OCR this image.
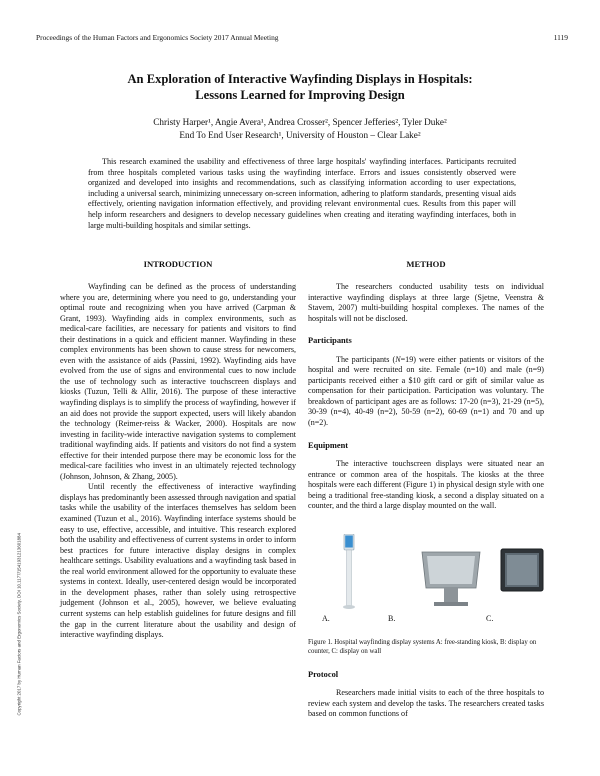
Proceedings of the Human Factors and Ergonomics Society 2017 Annual Meeting	1119
An Exploration of Interactive Wayfinding Displays in Hospitals:
Lessons Learned for Improving Design
Christy Harper¹, Angie Avera¹, Andrea Crosser², Spencer Jefferies², Tyler Duke²
End To End User Research¹, University of Houston – Clear Lake²

This research examined the usability and effectiveness of three large hospitals' wayfinding interfaces. Participants recruited from three hospitals completed various tasks using the wayfinding interface. Errors and issues consistently observed were organized and developed into insights and recommendations, such as classifying information according to user expectations, including a universal search, minimizing unnecessary on-screen information, adhering to platform standards, presenting visual aids effectively, orienting navigation information effectively, and providing relevant environmental cues. Results from this paper will help inform researchers and designers to develop necessary guidelines when creating and iterating wayfinding interfaces, both in large multi-building hospitals and similar settings.

Copyright 2017 by Human Factors and Ergonomics Society. DOI 10.1177/1541931213601884
INTRODUCTION

Wayfinding can be defined as the process of understanding where you are, determining where you need to go, understanding your optimal route and recognizing when you have arrived (Carpman & Grant, 1993). Wayfinding aids in complex environments, such as medical-care facilities, are necessary for patients and visitors to find their destinations in a quick and efficient manner. Wayfinding in these complex environments has been shown to cause stress for newcomers, even with the assistance of aids (Passini, 1992). Wayfinding aids have evolved from the use of signs and environmental cues to now include the use of technology such as interactive touchscreen displays and kiosks (Tuzun, Telli & Allir, 2016). The purpose of these interactive wayfinding displays is to simplify the process of wayfinding, however if an aid does not provide the support expected, users will likely abandon the technology (Reimer-reiss & Wacker, 2000). Hospitals are now investing in facility-wide interactive navigation systems to complement traditional wayfinding aids. If patients and visitors do not find a system effective for their intended purpose there may be economic loss for the medical-care facilities who invest in an ultimately rejected technology (Johnson, Johnson, & Zhang, 2005).

Until recently the effectiveness of interactive wayfinding displays has predominantly been assessed through navigation and spatial tasks while the usability of the interfaces themselves has seldom been examined (Tuzun et al., 2016). Wayfinding interface systems should be easy to use, effective, accessible, and intuitive. This research explored both the usability and effectiveness of current systems in order to inform best practices for future interactive display designs in complex healthcare settings. Usability evaluations and a wayfinding task based in the real world environment allowed for the opportunity to evaluate these systems in context. Ideally, user-centered design would be incorporated in the development phases, rather than solely using retrospective judgement (Johnson et al., 2005), however, we believe evaluating current systems can help establish guidelines for future designs and fill the gap in the current literature about the usability and design of interactive wayfinding displays.

METHOD

The researchers conducted usability tests on individual interactive wayfinding displays at three large (Sjetne, Veenstra & Stavem, 2007) multi-building hospital complexes. The names of the hospitals will not be disclosed.

Participants

The participants (N=19) were either patients or visitors of the hospital and were recruited on site. Female (n=10) and male (n=9) participants received either a $10 gift card or gift of similar value as compensation for their participation. Participation was voluntary. The breakdown of participant ages are as follows: 17-20 (n=3), 21-29 (n=5), 30-39 (n=4), 40-49 (n=2), 50-59 (n=2), 60-69 (n=1) and 70 and up (n=2).

Equipment

The interactive touchscreen displays were situated near an entrance or common area of the hospitals. The kiosks at the three hospitals were each different (Figure 1) in physical design style with one being a traditional free-standing kiosk, a second a display situated on a counter, and the third a large display mounted on the wall.

A.	B.	C.
Figure 1. Hospital wayfinding display systems A: free-standing kiosk, B: display on counter, C: display on wall
Protocol

Researchers made initial visits to each of the three hospitals to review each system and develop the tasks. The researchers created tasks based on common functions of
